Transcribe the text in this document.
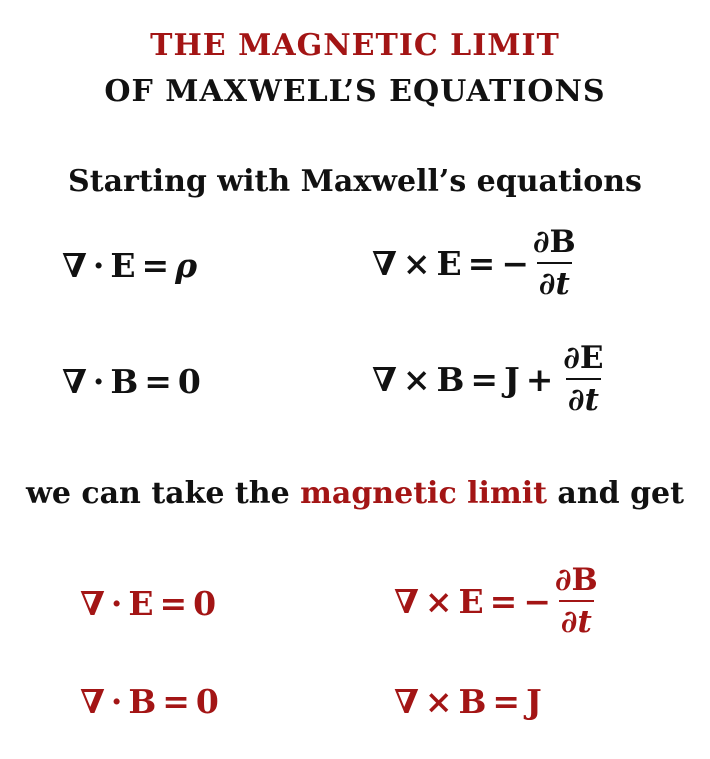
THE MAGNETIC LIMIT
OF MAXWELL’S EQUATIONS
Starting with Maxwell’s equations
∇ · E = ρ	∇ × E = − $\frac{\partial B}{\partial t}$
∇ · B = 0	∇ × $B = J + \frac{\partial E}{\partial t}$
we can take the magnetic limit and get
∇ · E = 0	∇ × E = − $\frac{\partial B}{\partial t}$
∇ · B = 0	∇ × B = J
